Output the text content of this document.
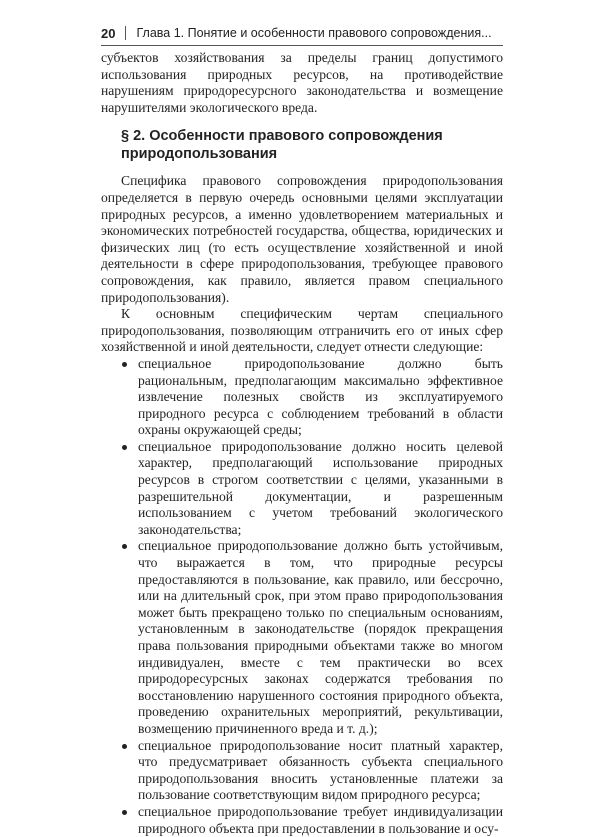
20 Глава 1. Понятие и особенности правового сопровождения...

субъектов хозяйствования за пределы границ допустимого использования природных ресурсов, на противодействие нарушениям природоресурсного законодательства и возмещение нарушителями экологического вреда.

§ 2. Особенности правового сопровождения природопользования

Специфика правового сопровождения природопользования определяется в первую очередь основными целями эксплуатации природных ресурсов, а именно удовлетворением материальных и экономических потребностей государства, общества, юридических и физических лиц (то есть осуществление хозяйственной и иной деятельности в сфере природопользования, требующее правового сопровождения, как правило, является правом специального природопользования).

К основным специфическим чертам специального природопользования, позволяющим отграничить его от иных сфер хозяйственной и иной деятельности, следует отнести следующие:

специальное природопользование должно быть рациональным, предполагающим максимально эффективное извлечение полезных свойств из эксплуатируемого природного ресурса с соблюдением требований в области охраны окружающей среды;
специальное природопользование должно носить целевой характер, предполагающий использование природных ресурсов в строгом соответствии с целями, указанными в разрешительной документации, и разрешенным использованием с учетом требований экологического законодательства;
специальное природопользование должно быть устойчивым, что выражается в том, что природные ресурсы предоставляются в пользование, как правило, или бессрочно, или на длительный срок, при этом право природопользования может быть прекращено только по специальным основаниям, установленным в законодательстве (порядок прекращения права пользования природными объектами также во многом индивидуален, вместе с тем практически во всех природоресурсных законах содержатся требования по восстановлению нарушенного состояния природного объекта, проведению охранительных мероприятий, рекультивации, возмещению причиненного вреда и т. д.);
специальное природопользование носит платный характер, что предусматривает обязанность субъекта специального природопользования вносить установленные платежи за пользование соответствующим видом природного ресурса;
специальное природопользование требует индивидуализации природного объекта при предоставлении в пользование и осу-
